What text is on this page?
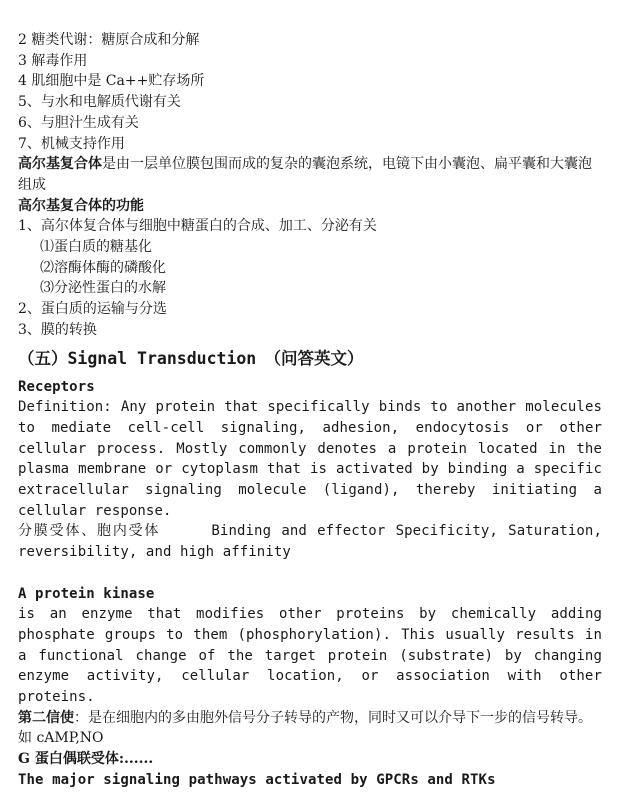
2 糖类代谢：糖原合成和分解
3 解毒作用
4 肌细胞中是 Ca++贮存场所
5、与水和电解质代谢有关
6、与胆汁生成有关
7、机械支持作用
高尔基复合体是由一层单位膜包围而成的复杂的囊泡系统，电镜下由小囊泡、扁平囊和大囊泡组成
高尔基复合体的功能
1、高尔体复合体与细胞中糖蛋白的合成、加工、分泌有关
⑴蛋白质的糖基化
⑵溶酶体酶的磷酸化
⑶分泌性蛋白的水解
2、蛋白质的运输与分选
3、膜的转换
（五）Signal Transduction　（问答英文）
Receptors
Definition: Any protein that specifically binds to another molecules to mediate cell-cell signaling, adhesion, endocytosis or other cellular process. Mostly commonly denotes a protein located in the plasma membrane or cytoplasm that is activated by binding a specific extracellular signaling molecule (ligand), thereby initiating a cellular response.
分膜受体、胞内受体	Binding and effector Specificity, Saturation, reversibility, and high affinity
A protein kinase
is an enzyme that modifies other proteins by chemically adding phosphate groups to them (phosphorylation). This usually results in a functional change of the target protein (substrate) by changing enzyme activity, cellular location, or association with other proteins.
第二信使：是在细胞内的多由胞外信号分子转导的产物，同时又可以介导下一步的信号转导。如 cAMP,NO
G 蛋白偶联受体:......
The major signaling pathways activated by GPCRs and RTKs
